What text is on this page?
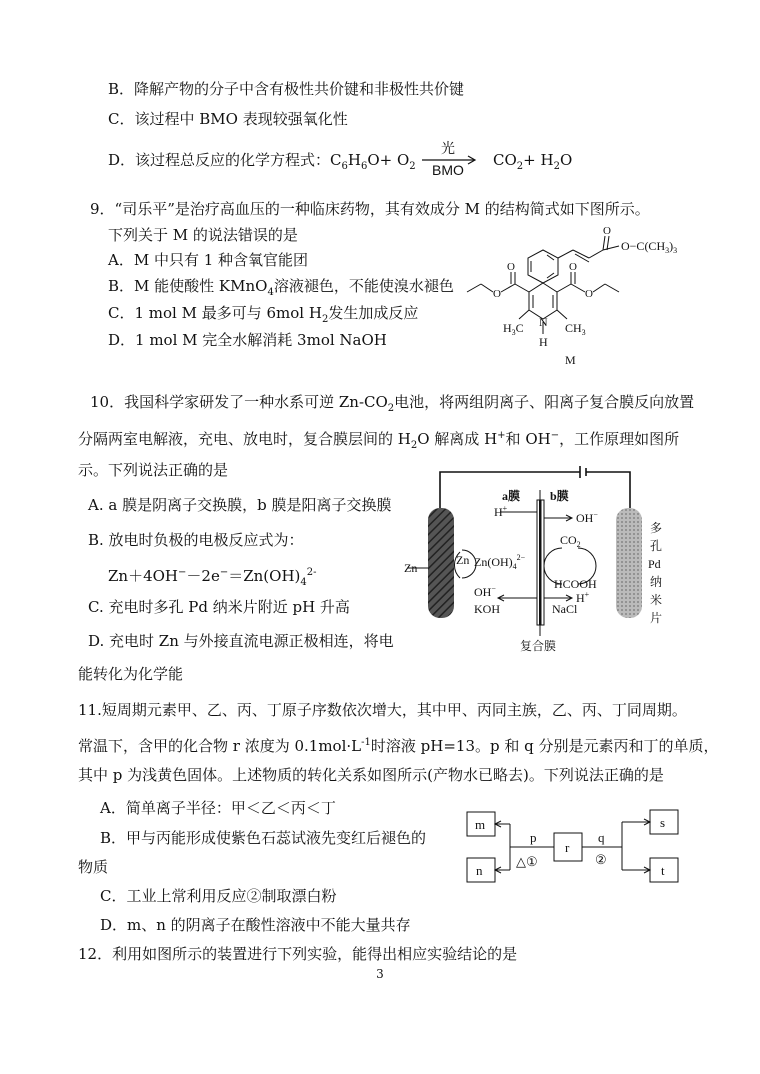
B．降解产物的分子中含有极性共价键和非极性共价键
C．该过程中 BMO 表现较强氧化性
D．该过程总反应的化学方程式：$C_6H_6O+ O_2$
光
BMO
$CO_2+ H_2O$
9．“司乐平”是治疗高血压的一种临床药物，其有效成分 M 的结构简式如下图所示。
下列关于 M 的说法错误的是
A．M 中只有 1 种含氧官能团
B．M 能使酸性 KMnO$_4$溶液褪色，不能使溴水褪色
C．1 mol M 最多可与 6mol $H_2$发生加成反应
D．1 mol M 完全水解消耗 3mol NaOH
O
O	O
O	O
$O-C(CH_3)_3$
$H_3C$	$CH_3$
N
H
M
10．我国科学家研发了一种水系可逆 $Zn-CO_2$电池，将两组阴离子、阳离子复合膜反向放置
分隔两室电解液，充电、放电时，复合膜层间的 $H_2O$ 解离成 H+和 OH−，工作原理如图所
示。下列说法正确的是
A. a 膜是阴离子交换膜，b 膜是阳离子交换膜
B. 放电时负极的电极反应式为：
$Zn+4OH^--2e^-=Zn(OH)_4^{2-}$
C. 充电时多孔 Pd 纳米片附近 pH 升高
D. 充电时 Zn 与外接直流电源正极相连，将电
能转化为化学能
a膜 b膜
H+
OH−
Zn
Zn $Zn(OH)_4^{2-}$
$CO_2$
OH−
KOH
HCOOH
H+
NaCl
复合膜
多
孔
Pd
纳
米
片
11.短周期元素甲、乙、丙、丁原子序数依次增大，其中甲、丙同主族，乙、丙、丁同周期。
常温下，含甲的化合物 r 浓度为 $0.1mol\cdot L^{-1}$时溶液 pH=13。p 和 q 分别是元素丙和丁的单质，
其中 p 为浅黄色固体。上述物质的转化关系如图所示(产物水已略去)。下列说法正确的是
A．简单离子半径：甲＜乙＜丙＜丁
B．甲与丙能形成使紫色石蕊试液先变红后褪色的
物质
C．工业上常利用反应②制取漂白粉
D．m、n 的阴离子在酸性溶液中不能大量共存
m
n
r
s
t
p	q
△①	②
12．利用如图所示的装置进行下列实验，能得出相应实验结论的是
3
